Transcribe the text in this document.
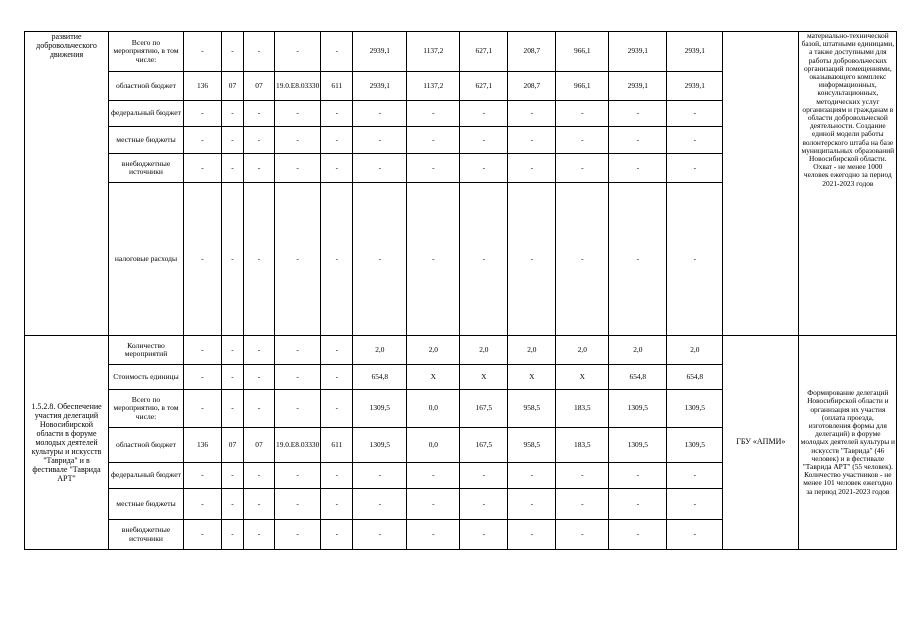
развитие добровольческого движения	Всего по мероприятию, в том числе:	-	-	-	-	-	2939,1	1137,2	627,1	208,7	966,1	2939,1	2939,1		материально-технической базой, штатными единицами, а также доступными для работы добровольческих организаций помещениями, оказывающего комплекс информационных, консультационных, методических услуг организациям и гражданам в области добровольческой деятельности. Создание единой модели работы волонтерского штаба на базе муниципальных образований Новосибирской области. Охват - не менее 1000 человек ежегодно за период 2021-2023 годов
	областной бюджет	136	07	07	19.0.E8.03330	611	2939,1	1137,2	627,1	208,7	966,1	2939,1	2939,1		
	федеральный бюджет	-	-	-	-	-	-	-	-	-	-	-	-		
	местные бюджеты	-	-	-	-	-	-	-	-	-	-	-	-		
	внебюджетные источники	-	-	-	-	-	-	-	-	-	-	-	-		
	налоговые расходы	-	-	-	-	-	-	-	-	-	-	-	-		
1.5.2.8. Обеспечение участия делегаций Новосибирской области в форуме молодых деятелей культуры и искусств "Таврида" и в фестивале "Таврида АРТ"	Количество мероприятий	-	-	-	-	-	2,0	2,0	2,0	2,0	2,0	2,0	2,0	ГБУ «АПМИ»	Формирование делегаций Новосибирской области и организация их участия (оплата проезда, изготовления формы для делегаций) в форуме молодых деятелей культуры и искусств "Таврида" (46 человек) и в фестивале "Таврида АРТ" (55 человек). Количество участников - не менее 101 человек ежегодно за период 2021-2023 годов
	Стоимость единицы	-	-	-	-	-	654,8	X	X	X	X	654,8	654,8		
	Всего по мероприятию, в том числе:	-	-	-	-	-	1309,5	0,0	167,5	958,5	183,5	1309,5	1309,5		
	областной бюджет	136	07	07	19.0.E8.03330	611	1309,5	0,0	167,5	958,5	183,5	1309,5	1309,5		
	федеральный бюджет	-	-	-	-	-	-	-	-	-	-	-	-		
	местные бюджеты	-	-	-	-	-	-	-	-	-	-	-	-		
	внебюджетные источники	-	-	-	-	-	-	-	-	-	-	-	-		
